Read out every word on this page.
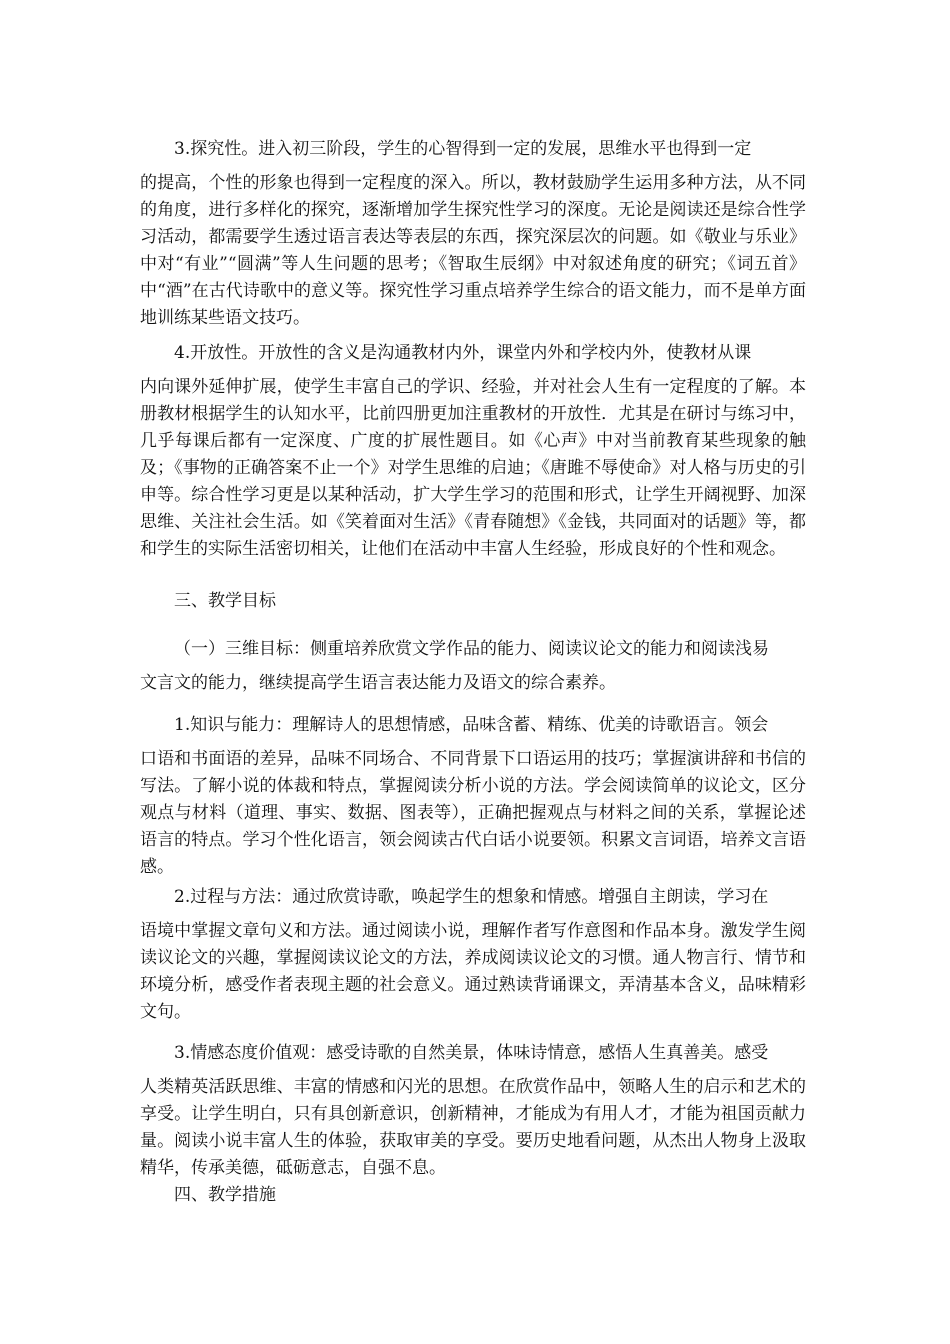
3.探究性。进入初三阶段，学生的心智得到一定的发展，思维水平也得到一定
的提高，个性的形象也得到一定程度的深入。所以，教材鼓励学生运用多种方法，从不同的角度，进行多样化的探究，逐渐增加学生探究性学习的深度。无论是阅读还是综合性学习活动，都需要学生透过语言表达等表层的东西，探究深层次的问题。如《敬业与乐业》中对“有业”“圆满”等人生问题的思考；《智取生辰纲》中对叙述角度的研究；《词五首》中“酒”在古代诗歌中的意义等。探究性学习重点培养学生综合的语文能力，而不是单方面地训练某些语文技巧。
4.开放性。开放性的含义是沟通教材内外，课堂内外和学校内外，使教材从课
内向课外延伸扩展，使学生丰富自己的学识、经验，并对社会人生有一定程度的了解。本册教材根据学生的认知水平，比前四册更加注重教材的开放性．尤其是在研讨与练习中，几乎每课后都有一定深度、广度的扩展性题目。如《心声》中对当前教育某些现象的触及；《事物的正确答案不止一个》对学生思维的启迪；《唐雎不辱使命》对人格与历史的引申等。综合性学习更是以某种活动，扩大学生学习的范围和形式，让学生开阔视野、加深思维、关注社会生活。如《笑着面对生活》《青春随想》《金钱，共同面对的话题》等，都和学生的实际生活密切相关，让他们在活动中丰富人生经验，形成良好的个性和观念。

三、教学目标

（一）三维目标：侧重培养欣赏文学作品的能力、阅读议论文的能力和阅读浅易
文言文的能力，继续提高学生语言表达能力及语文的综合素养。
1.知识与能力：理解诗人的思想情感，品味含蓄、精练、优美的诗歌语言。领会
口语和书面语的差异，品味不同场合、不同背景下口语运用的技巧；掌握演讲辞和书信的写法。了解小说的体裁和特点，掌握阅读分析小说的方法。学会阅读简单的议论文，区分观点与材料（道理、事实、数据、图表等），正确把握观点与材料之间的关系，掌握论述语言的特点。学习个性化语言，领会阅读古代白话小说要领。积累文言词语，培养文言语感。
2.过程与方法：通过欣赏诗歌，唤起学生的想象和情感。增强自主朗读，学习在
语境中掌握文章句义和方法。通过阅读小说，理解作者写作意图和作品本身。激发学生阅读议论文的兴趣，掌握阅读议论文的方法，养成阅读议论文的习惯。通人物言行、情节和环境分析，感受作者表现主题的社会意义。通过熟读背诵课文，弄清基本含义，品味精彩文句。
3.情感态度价值观：感受诗歌的自然美景，体味诗情意，感悟人生真善美。感受
人类精英活跃思维、丰富的情感和闪光的思想。在欣赏作品中，领略人生的启示和艺术的享受。让学生明白，只有具创新意识，创新精神，才能成为有用人才，才能为祖国贡献力量。阅读小说丰富人生的体验，获取审美的享受。要历史地看问题，从杰出人物身上汲取精华，传承美德，砥砺意志，自强不息。

四、教学措施
